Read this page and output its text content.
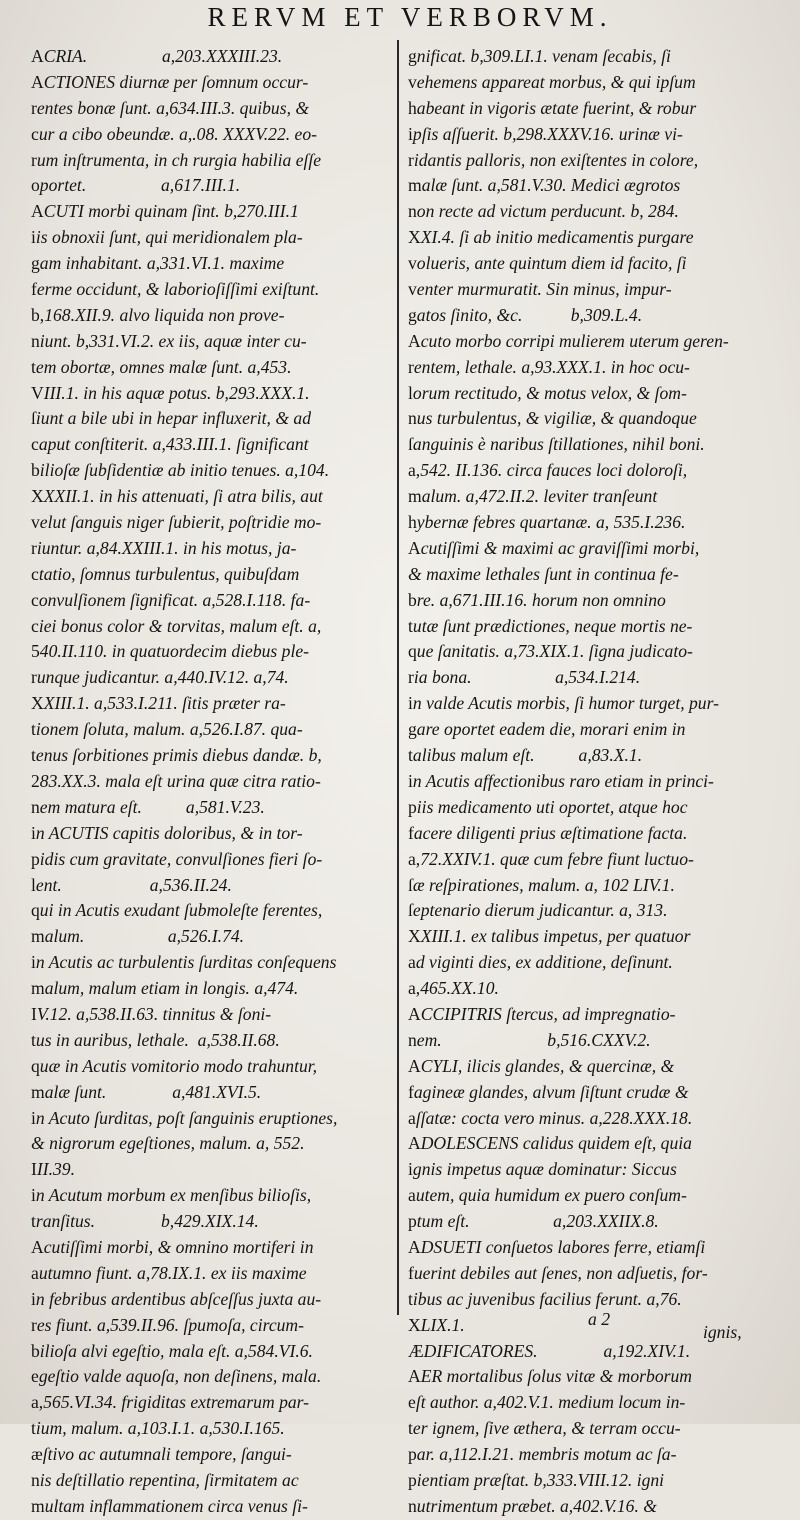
RERVM ET VERBORVM.
ACRIA.                 a,203.XXXIII.23.
ACTIONES diurnæ per ſomnum occur-
rentes bonæ ſunt. a,634.III.3. quibus, &
cur a cibo obeundæ. a,.08. XXXV.22. eo-
rum inſtrumenta, in ch rurgia habilia eſſe
oportet.                 a,617.III.1.
ACUTI morbi quinam ſint. b,270.III.1
iis obnoxii ſunt, qui meridionalem pla-
gam inhabitant. a,331.VI.1. maxime
ferme occidunt, & laborioſiſſimi exiſtunt.
b,168.XII.9. alvo liquida non prove-
niunt. b,331.VI.2. ex iis, aquæ inter cu-
tem obortæ, omnes malæ ſunt. a,453.
VIII.1. in his aquæ potus. b,293.XXX.1.
ſiunt a bile ubi in hepar influxerit, & ad
caput conſtiterit. a,433.III.1. ſignificant
bilioſæ ſubſidentiæ ab initio tenues. a,104.
XXXII.1. in his attenuati, ſi atra bilis, aut
velut ſanguis niger ſubierit, poſtridie mo-
riuntur. a,84.XXIII.1. in his motus, ja-
ctatio, ſomnus turbulentus, quibuſdam
convulſionem ſignificat. a,528.I.118. fa-
ciei bonus color & torvitas, malum eſt. a,
540.II.110. in quatuordecim diebus ple-
runque judicantur. a,440.IV.12. a,74.
XXIII.1. a,533.I.211. ſitis præter ra-
tionem ſoluta, malum. a,526.I.87. qua-
tenus ſorbitiones primis diebus dandæ. b,
283.XX.3. mala eſt urina quæ citra ratio-
nem matura eſt.          a,581.V.23.
in ACUTIS capitis doloribus, & in tor-
pidis cum gravitate, convulſiones fieri ſo-
lent.                    a,536.II.24.
qui in Acutis exudant ſubmoleſte ferentes,
malum.                   a,526.I.74.
in Acutis ac turbulentis ſurditas conſequens
malum, malum etiam in longis. a,474.
IV.12. a,538.II.63. tinnitus & ſoni-
tus in auribus, lethale.  a,538.II.68.
quæ in Acutis vomitorio modo trahuntur,
malæ ſunt.               a,481.XVI.5.
in Acuto ſurditas, poſt ſanguinis eruptiones,
& nigrorum egeſtiones, malum. a, 552.
III.39.
in Acutum morbum ex menſibus bilioſis,
tranſitus.               b,429.XIX.14.
Acutiſſimi morbi, & omnino mortiferi in
autumno fiunt. a,78.IX.1. ex iis maxime
in febribus ardentibus abſceſſus juxta au-
res fiunt. a,539.II.96. ſpumoſa, circum-
bilioſa alvi egeſtio, mala eſt. a,584.VI.6.
egeſtio valde aquoſa, non deſinens, mala.
a,565.VI.34. frigiditas extremarum par-
tium, malum. a,103.I.1. a,530.I.165.
æſtivo ac autumnali tempore, ſangui-
nis deſtillatio repentina, ſirmitatem ac
multam inflammationem circa venus ſi-
gnificat. b,309.LI.1. venam ſecabis, ſi
vehemens appareat morbus, & qui ipſum
habeant in vigoris ætate fuerint, & robur
ipſis aſſuerit. b,298.XXXV.16. urinæ vi-
ridantis palloris, non exiſtentes in colore,
malæ ſunt. a,581.V.30. Medici ægrotos
non recte ad victum perducunt. b, 284.
XXI.4. ſi ab initio medicamentis purgare
volueris, ante quintum diem id facito, ſi
venter murmuratit. Sin minus, impur-
gatos ſinito, &c.           b,309.L.4.
Acuto morbo corripi mulierem uterum geren-
rentem, lethale. a,93.XXX.1. in hoc ocu-
lorum rectitudo, & motus velox, & ſom-
nus turbulentus, & vigiliæ, & quandoque
ſanguinis è naribus ſtillationes, nihil boni.
a,542. II.136. circa fauces loci doloroſi,
malum. a,472.II.2. leviter tranſeunt
hybernæ febres quartanæ. a, 535.I.236.
Acutiſſimi & maximi ac graviſſimi morbi,
& maxime lethales ſunt in continua fe-
bre. a,671.III.16. horum non omnino
tutæ ſunt prædictiones, neque mortis ne-
que ſanitatis. a,73.XIX.1. ſigna judicato-
ria bona.                   a,534.I.214.
in valde Acutis morbis, ſi humor turget, pur-
gare oportet eadem die, morari enim in
talibus malum eſt.          a,83.X.1.
in Acutis affectionibus raro etiam in princi-
piis medicamento uti oportet, atque hoc
facere diligenti prius æſtimatione facta.
a,72.XXIV.1. quæ cum febre fiunt luctuo-
ſæ reſpirationes, malum. a, 102 LIV.1.
ſeptenario dierum judicantur. a, 313.
XXIII.1. ex talibus impetus, per quatuor
ad viginti dies, ex additione, deſinunt.
a,465.XX.10.
ACCIPITRIS ſtercus, ad impregnatio-
nem.                        b,516.CXXV.2.
ACYLI, ilicis glandes, & quercinæ, &
fagineæ glandes, alvum ſiſtunt crudæ &
aſſatæ: cocta vero minus. a,228.XXX.18.
ADOLESCENS calidus quidem eſt, quia
ignis impetus aquæ dominatur: Siccus
autem, quia humidum ex puero conſum-
ptum eſt.                   a,203.XXIIX.8.
ADSUETI conſuetos labores ferre, etiamſi
fuerint debiles aut ſenes, non adſuetis, for-
tibus ac juvenibus facilius ferunt. a,76.
XLIX.1.
ÆDIFICATORES.               a,192.XIV.1.
AER mortalibus ſolus vitæ & morborum
eſt author. a,402.V.1. medium locum in-
ter ignem, ſive æthera, & terram occu-
par. a,112.I.21. membris motum ac ſa-
pientiam præſtat. b,333.VIII.12. igni
nutrimentum præbet. a,402.V.16. &
a 2
ignis,
